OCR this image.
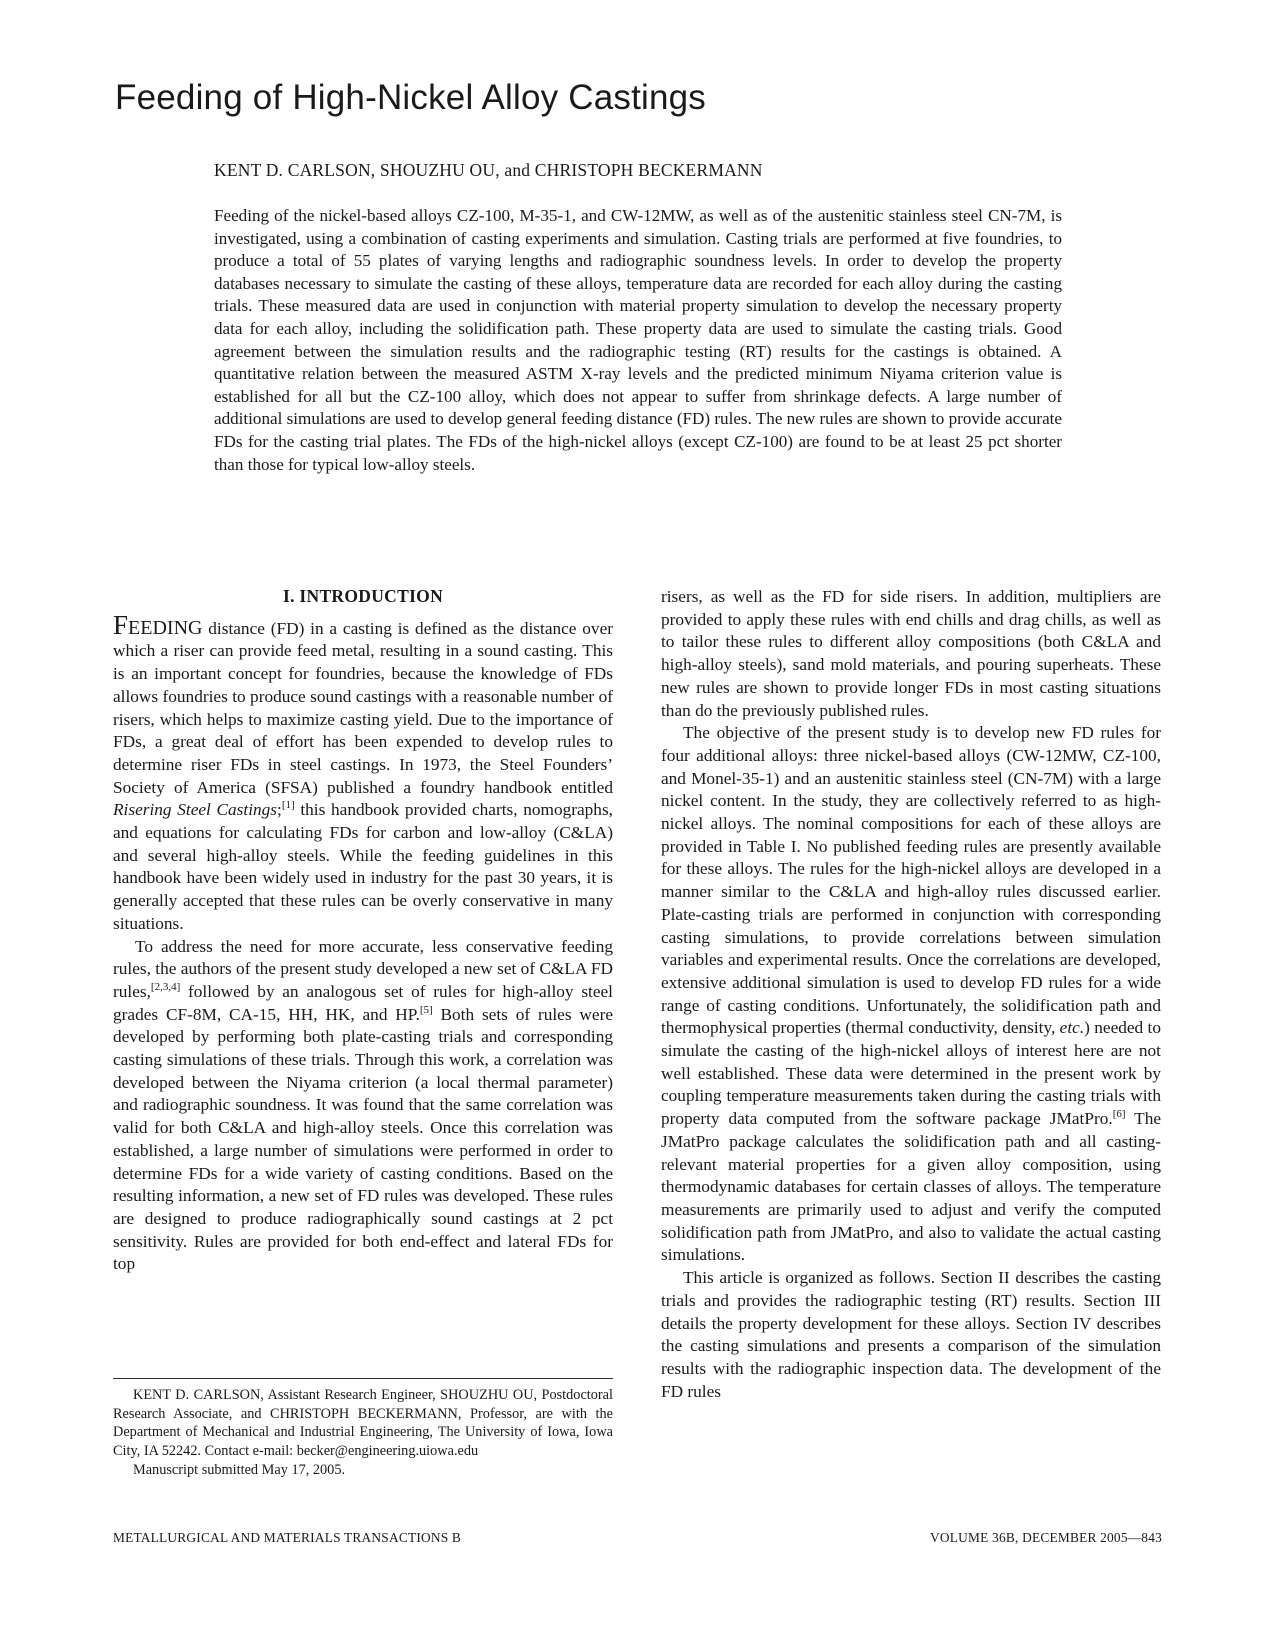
Feeding of High-Nickel Alloy Castings

KENT D. CARLSON, SHOUZHU OU, and CHRISTOPH BECKERMANN

Feeding of the nickel-based alloys CZ-100, M-35-1, and CW-12MW, as well as of the austenitic stainless steel CN-7M, is investigated, using a combination of casting experiments and simulation. Casting trials are performed at five foundries, to produce a total of 55 plates of varying lengths and radiographic soundness levels. In order to develop the property databases necessary to simulate the casting of these alloys, temperature data are recorded for each alloy during the casting trials. These measured data are used in conjunction with material property simulation to develop the necessary property data for each alloy, including the solidification path. These property data are used to simulate the casting trials. Good agreement between the simulation results and the radiographic testing (RT) results for the castings is obtained. A quantitative relation between the measured ASTM X-ray levels and the predicted minimum Niyama criterion value is established for all but the CZ-100 alloy, which does not appear to suffer from shrinkage defects. A large number of additional simulations are used to develop general feeding distance (FD) rules. The new rules are shown to provide accurate FDs for the casting trial plates. The FDs of the high-nickel alloys (except CZ-100) are found to be at least 25 pct shorter than those for typical low-alloy steels.

I. INTRODUCTION

FEEDING distance (FD) in a casting is defined as the distance over which a riser can provide feed metal, resulting in a sound casting. This is an important concept for foundries, because the knowledge of FDs allows foundries to produce sound castings with a reasonable number of risers, which helps to maximize casting yield. Due to the importance of FDs, a great deal of effort has been expended to develop rules to determine riser FDs in steel castings. In 1973, the Steel Founders’ Society of America (SFSA) published a foundry handbook entitled Risering Steel Castings;[1] this handbook provided charts, nomographs, and equations for calculating FDs for carbon and low-alloy (C&LA) and several high-alloy steels. While the feeding guidelines in this handbook have been widely used in industry for the past 30 years, it is generally accepted that these rules can be overly conservative in many situations.

To address the need for more accurate, less conservative feeding rules, the authors of the present study developed a new set of C&LA FD rules,[2,3,4] followed by an analogous set of rules for high-alloy steel grades CF-8M, CA-15, HH, HK, and HP.[5] Both sets of rules were developed by performing both plate-casting trials and corresponding casting simulations of these trials. Through this work, a correlation was developed between the Niyama criterion (a local thermal parameter) and radiographic soundness. It was found that the same correlation was valid for both C&LA and high-alloy steels. Once this correlation was established, a large number of simulations were performed in order to determine FDs for a wide variety of casting conditions. Based on the resulting information, a new set of FD rules was developed. These rules are designed to produce radiographically sound castings at 2 pct sensitivity. Rules are provided for both end-effect and lateral FDs for top

KENT D. CARLSON, Assistant Research Engineer, SHOUZHU OU, Postdoctoral Research Associate, and CHRISTOPH BECKERMANN, Professor, are with the Department of Mechanical and Industrial Engineering, The University of Iowa, Iowa City, IA 52242. Contact e-mail: becker@engineering.uiowa.edu

Manuscript submitted May 17, 2005.

risers, as well as the FD for side risers. In addition, multipliers are provided to apply these rules with end chills and drag chills, as well as to tailor these rules to different alloy compositions (both C&LA and high-alloy steels), sand mold materials, and pouring superheats. These new rules are shown to provide longer FDs in most casting situations than do the previously published rules.

The objective of the present study is to develop new FD rules for four additional alloys: three nickel-based alloys (CW-12MW, CZ-100, and Monel-35-1) and an austenitic stainless steel (CN-7M) with a large nickel content. In the study, they are collectively referred to as high-nickel alloys. The nominal compositions for each of these alloys are provided in Table I. No published feeding rules are presently available for these alloys. The rules for the high-nickel alloys are developed in a manner similar to the C&LA and high-alloy rules discussed earlier. Plate-casting trials are performed in conjunction with corresponding casting simulations, to provide correlations between simulation variables and experimental results. Once the correlations are developed, extensive additional simulation is used to develop FD rules for a wide range of casting conditions. Unfortunately, the solidification path and thermophysical properties (thermal conductivity, density, etc.) needed to simulate the casting of the high-nickel alloys of interest here are not well established. These data were determined in the present work by coupling temperature measurements taken during the casting trials with property data computed from the software package JMatPro.[6] The JMatPro package calculates the solidification path and all casting-relevant material properties for a given alloy composition, using thermodynamic databases for certain classes of alloys. The temperature measurements are primarily used to adjust and verify the computed solidification path from JMatPro, and also to validate the actual casting simulations.

This article is organized as follows. Section II describes the casting trials and provides the radiographic testing (RT) results. Section III details the property development for these alloys. Section IV describes the casting simulations and presents a comparison of the simulation results with the radiographic inspection data. The development of the FD rules

METALLURGICAL AND MATERIALS TRANSACTIONS B	VOLUME 36B, DECEMBER 2005—843
